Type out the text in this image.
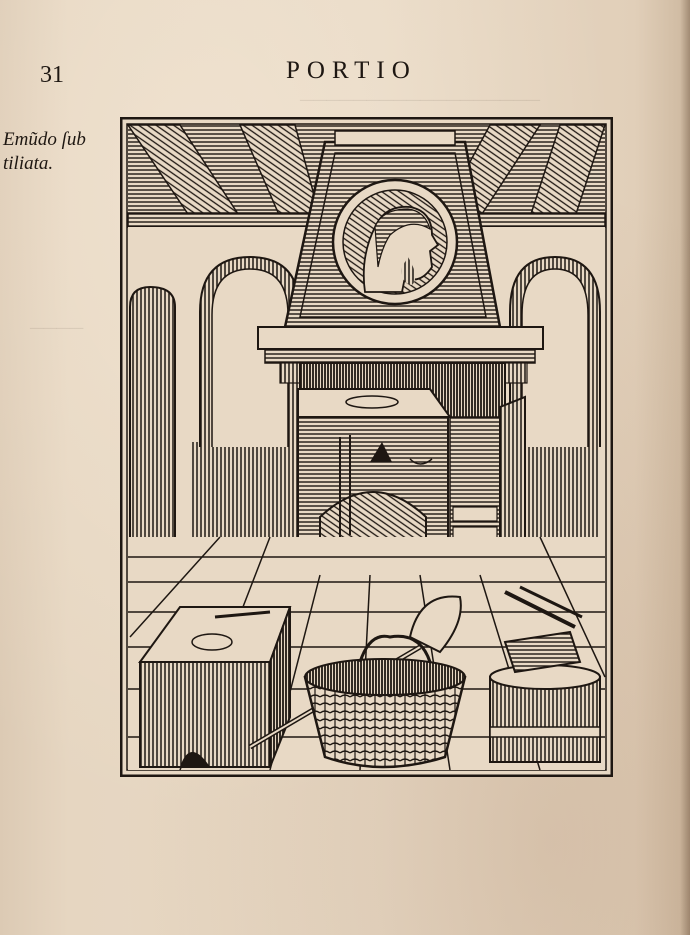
——————————————————
————
31	PORTIO
Emũdo ſub tiliata.
